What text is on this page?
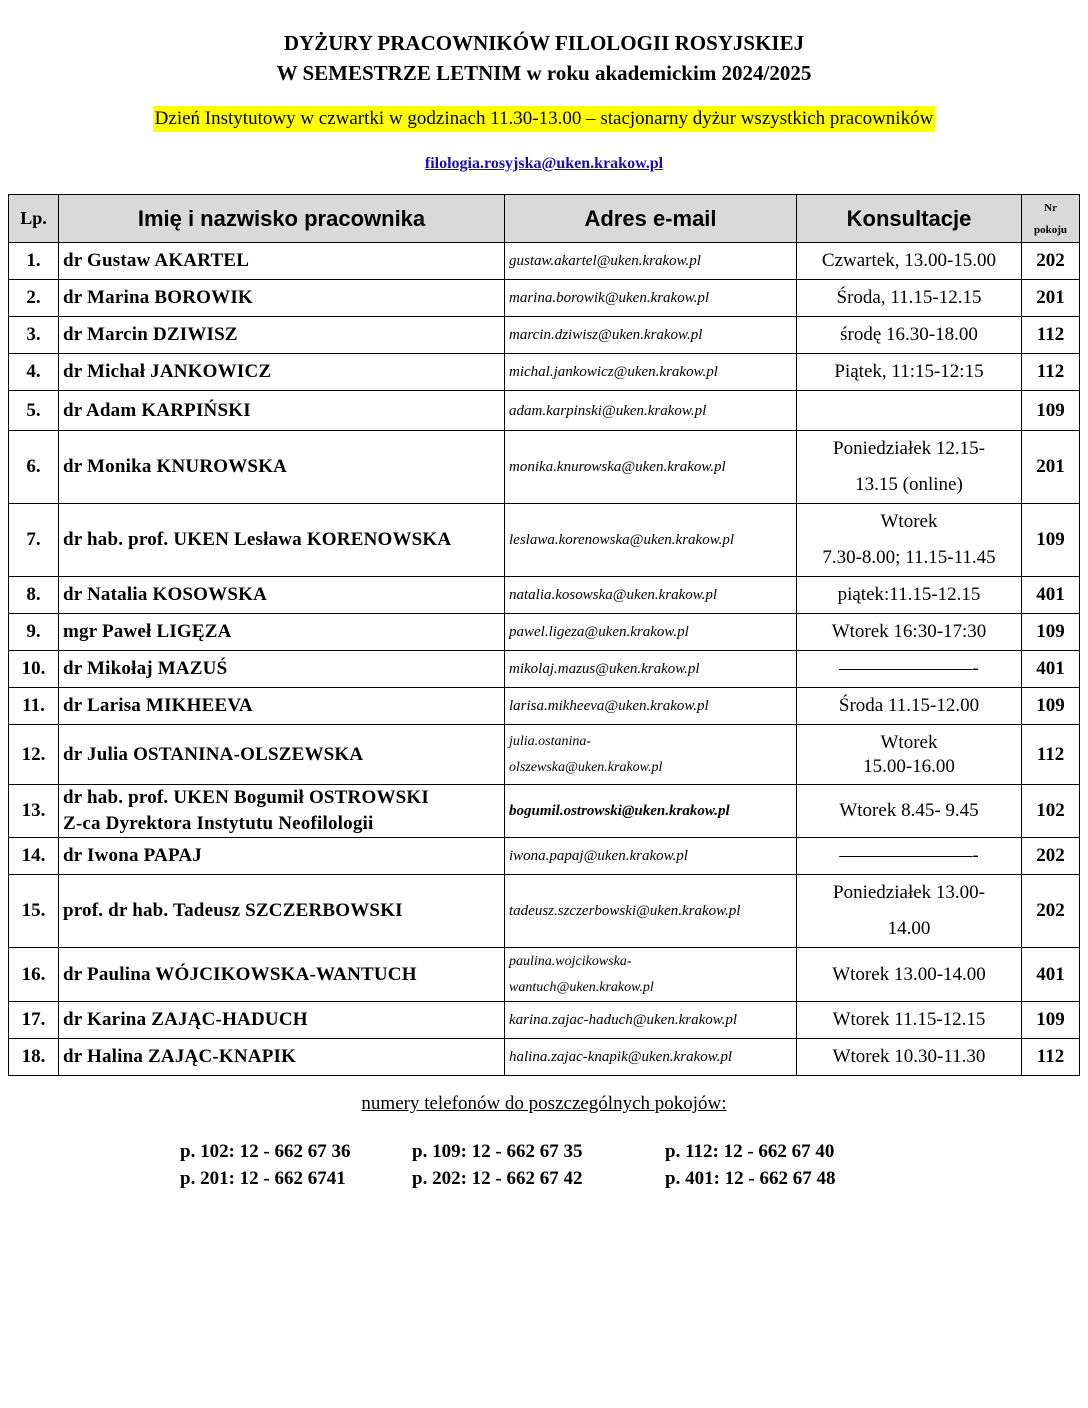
DYŻURY PRACOWNIKÓW FILOLOGII ROSYJSKIEJ
W SEMESTRZE LETNIM w roku akademickim 2024/2025
Dzień Instytutowy w czwartki w godzinach 11.30-13.00 – stacjonarny dyżur wszystkich pracowników
filologia.rosyjska@uken.krakow.pl
Lp.	Imię i nazwisko pracownika	Adres e-mail	Konsultacje	Nr
pokoju
1.	dr Gustaw AKARTEL	gustaw.akartel@uken.krakow.pl	Czwartek, 13.00-15.00	202
2.	dr Marina BOROWIK	marina.borowik@uken.krakow.pl	Środa, 11.15-12.15	201
3.	dr Marcin DZIWISZ	marcin.dziwisz@uken.krakow.pl	środę 16.30-18.00	112
4.	dr Michał JANKOWICZ	michal.jankowicz@uken.krakow.pl	Piątek, 11:15-12:15	112
5.	dr Adam KARPIŃSKI	adam.karpinski@uken.krakow.pl		109
6.	dr Monika KNUROWSKA	monika.knurowska@uken.krakow.pl	Poniedziałek 12.15-
13.15 (online)	201
7.	dr hab. prof. UKEN Lesława KORENOWSKA	leslawa.korenowska@uken.krakow.pl	Wtorek
7.30-8.00; 11.15-11.45	109
8.	dr Natalia KOSOWSKA	natalia.kosowska@uken.krakow.pl	piątek:11.15-12.15	401
9.	mgr Paweł LIGĘZA	pawel.ligeza@uken.krakow.pl	Wtorek 16:30-17:30	109
10.	dr Mikołaj MAZUŚ	mikolaj.mazus@uken.krakow.pl	———————-	401
11.	dr Larisa MIKHEEVA	larisa.mikheeva@uken.krakow.pl	Środa 11.15-12.00	109
12.	dr Julia OSTANINA-OLSZEWSKA	julia.ostanina-
olszewska@uken.krakow.pl	Wtorek
15.00-16.00	112
13.	dr hab. prof. UKEN Bogumił OSTROWSKI
Z-ca Dyrektora Instytutu Neofilologii	bogumil.ostrowski@uken.krakow.pl	Wtorek 8.45- 9.45	102
14.	dr Iwona PAPAJ	iwona.papaj@uken.krakow.pl	———————-	202
15.	prof. dr hab. Tadeusz SZCZERBOWSKI	tadeusz.szczerbowski@uken.krakow.pl	Poniedziałek 13.00-
14.00	202
16.	dr Paulina WÓJCIKOWSKA-WANTUCH	paulina.wojcikowska-
wantuch@uken.krakow.pl	Wtorek 13.00-14.00	401
17.	dr Karina ZAJĄC-HADUCH	karina.zajac-haduch@uken.krakow.pl	Wtorek 11.15-12.15	109
18.	dr Halina ZAJĄC-KNAPIK	halina.zajac-knapik@uken.krakow.pl	Wtorek 10.30-11.30	112
numery telefonów do poszczególnych pokojów:
p. 102: 12 - 662 67 36	p. 109: 12 - 662 67 35	p. 112: 12 - 662 67 40
p. 201: 12 - 662 6741	p. 202: 12 - 662 67 42	p. 401: 12 - 662 67 48
